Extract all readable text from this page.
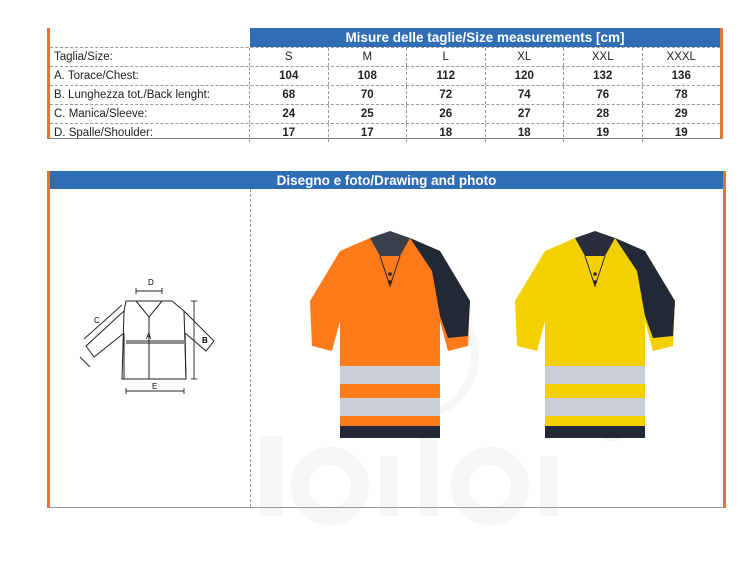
Misure delle taglie/Size measurements [cm]
Taglia/Size:	S	M	L	XL	XXL	XXXL
A. Torace/Chest:	104	108	112	120	132	136
B. Lunghezza tot./Back lenght:	68	70	72	74	76	78
C. Manica/Sleeve:	24	25	26	27	28	29
D. Spalle/Shoulder:	17	17	18	18	19	19
Disegno e foto/Drawing and photo
D
C
A	B
E
